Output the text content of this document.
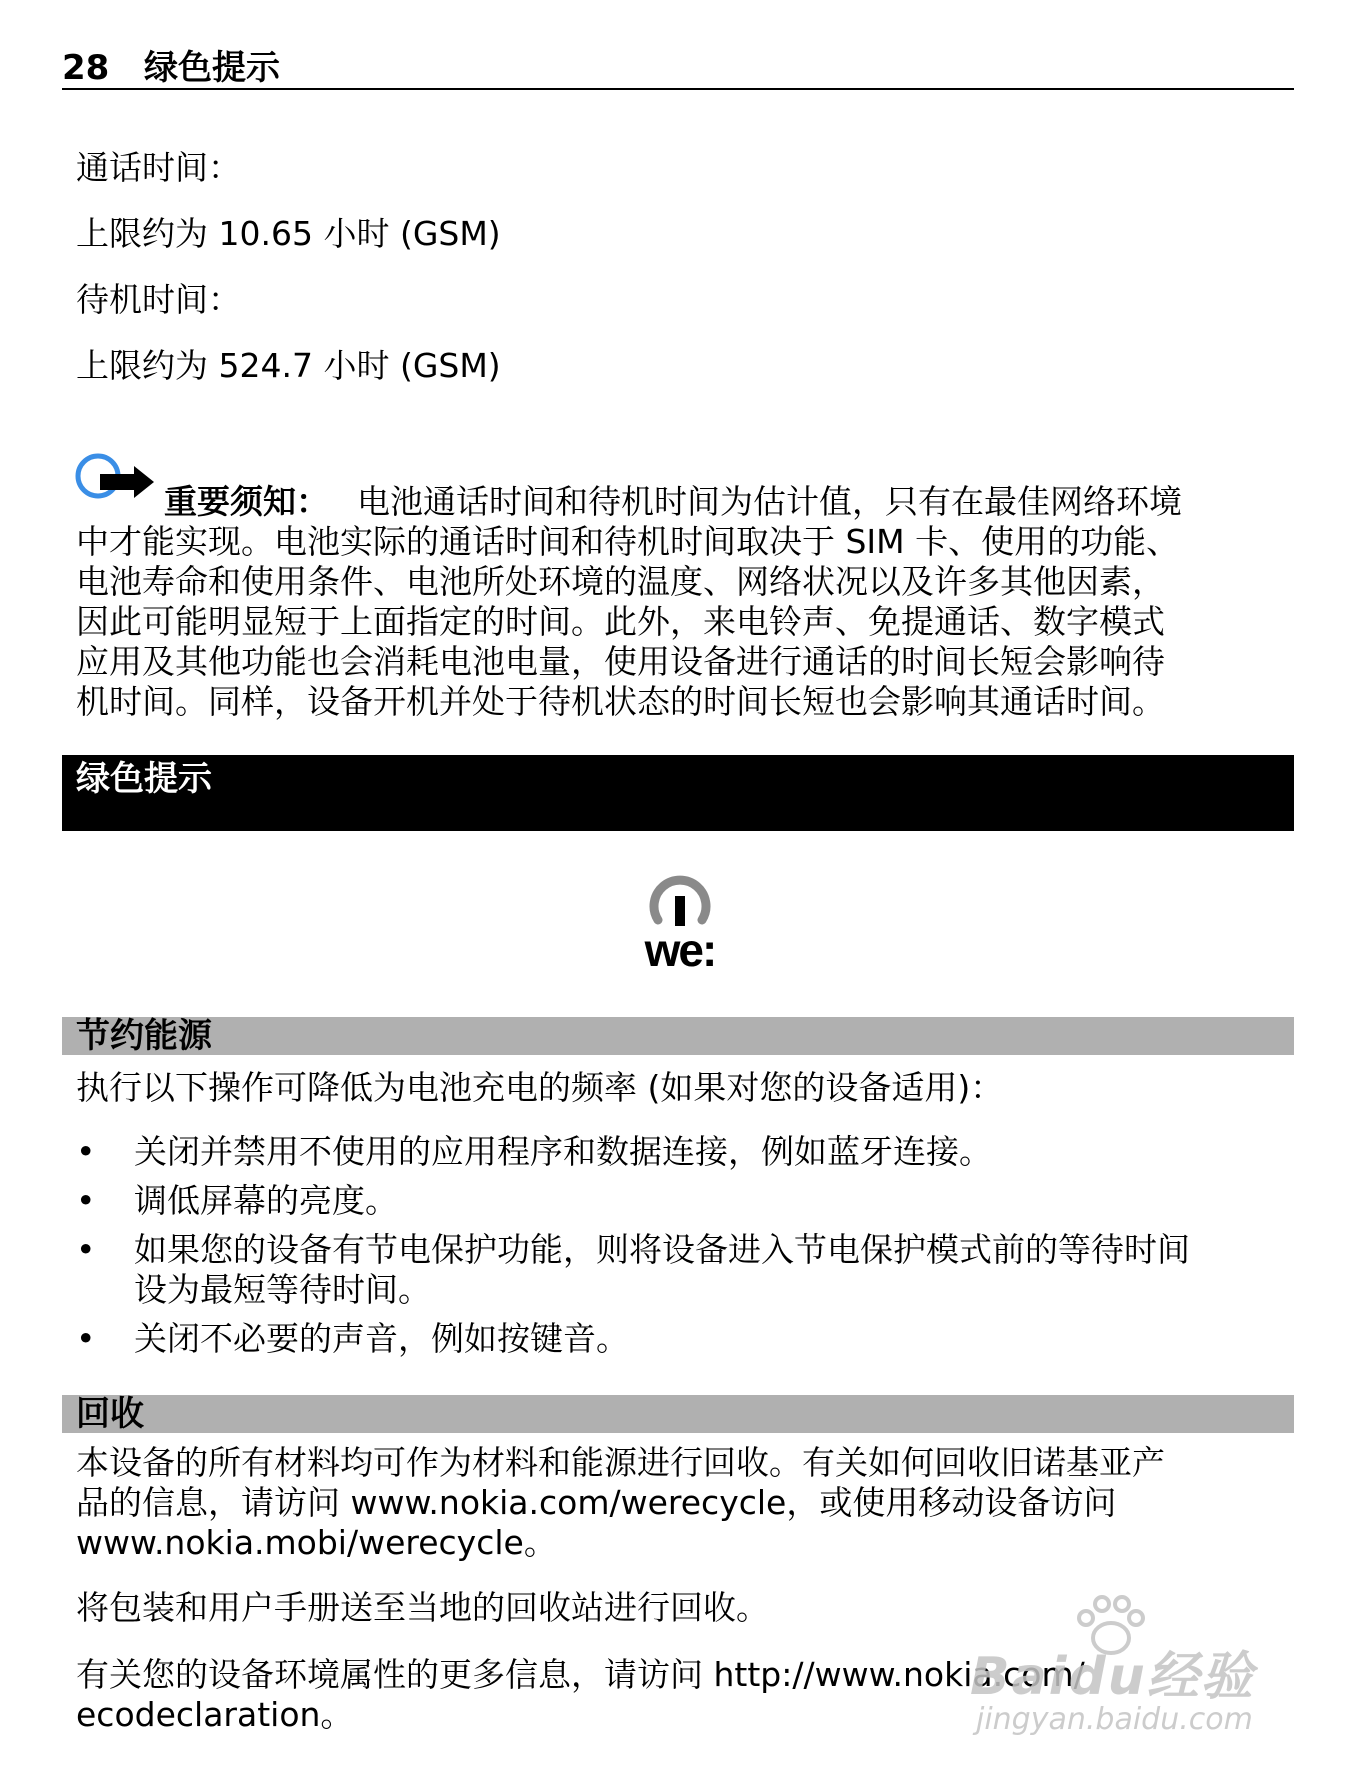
28 绿色提示
通话时间：
上限约为 10.65 小时 (GSM)
待机时间：
上限约为 524.7 小时 (GSM)
重要须知： 电池通话时间和待机时间为估计值，只有在最佳网络环境
中才能实现。电池实际的通话时间和待机时间取决于 SIM 卡、使用的功能、
电池寿命和使用条件、电池所处环境的温度、网络状况以及许多其他因素，
因此可能明显短于上面指定的时间。此外，来电铃声、免提通话、数字模式
应用及其他功能也会消耗电池电量，使用设备进行通话的时间长短会影响待
机时间。同样，设备开机并处于待机状态的时间长短也会影响其通话时间。
绿色提示
we:
节约能源
执行以下操作可降低为电池充电的频率 (如果对您的设备适用)：
• 关闭并禁用不使用的应用程序和数据连接，例如蓝牙连接。
• 调低屏幕的亮度。
• 如果您的设备有节电保护功能，则将设备进入节电保护模式前的等待时间
设为最短等待时间。
• 关闭不必要的声音，例如按键音。
回收
本设备的所有材料均可作为材料和能源进行回收。有关如何回收旧诺基亚产
品的信息，请访问 www.nokia.com/werecycle，或使用移动设备访问
www.nokia.mobi/werecycle。
将包装和用户手册送至当地的回收站进行回收。
有关您的设备环境属性的更多信息，请访问 http://www.nokia.com/
ecodeclaration。
Baidu经验
jingyan.baidu.com
